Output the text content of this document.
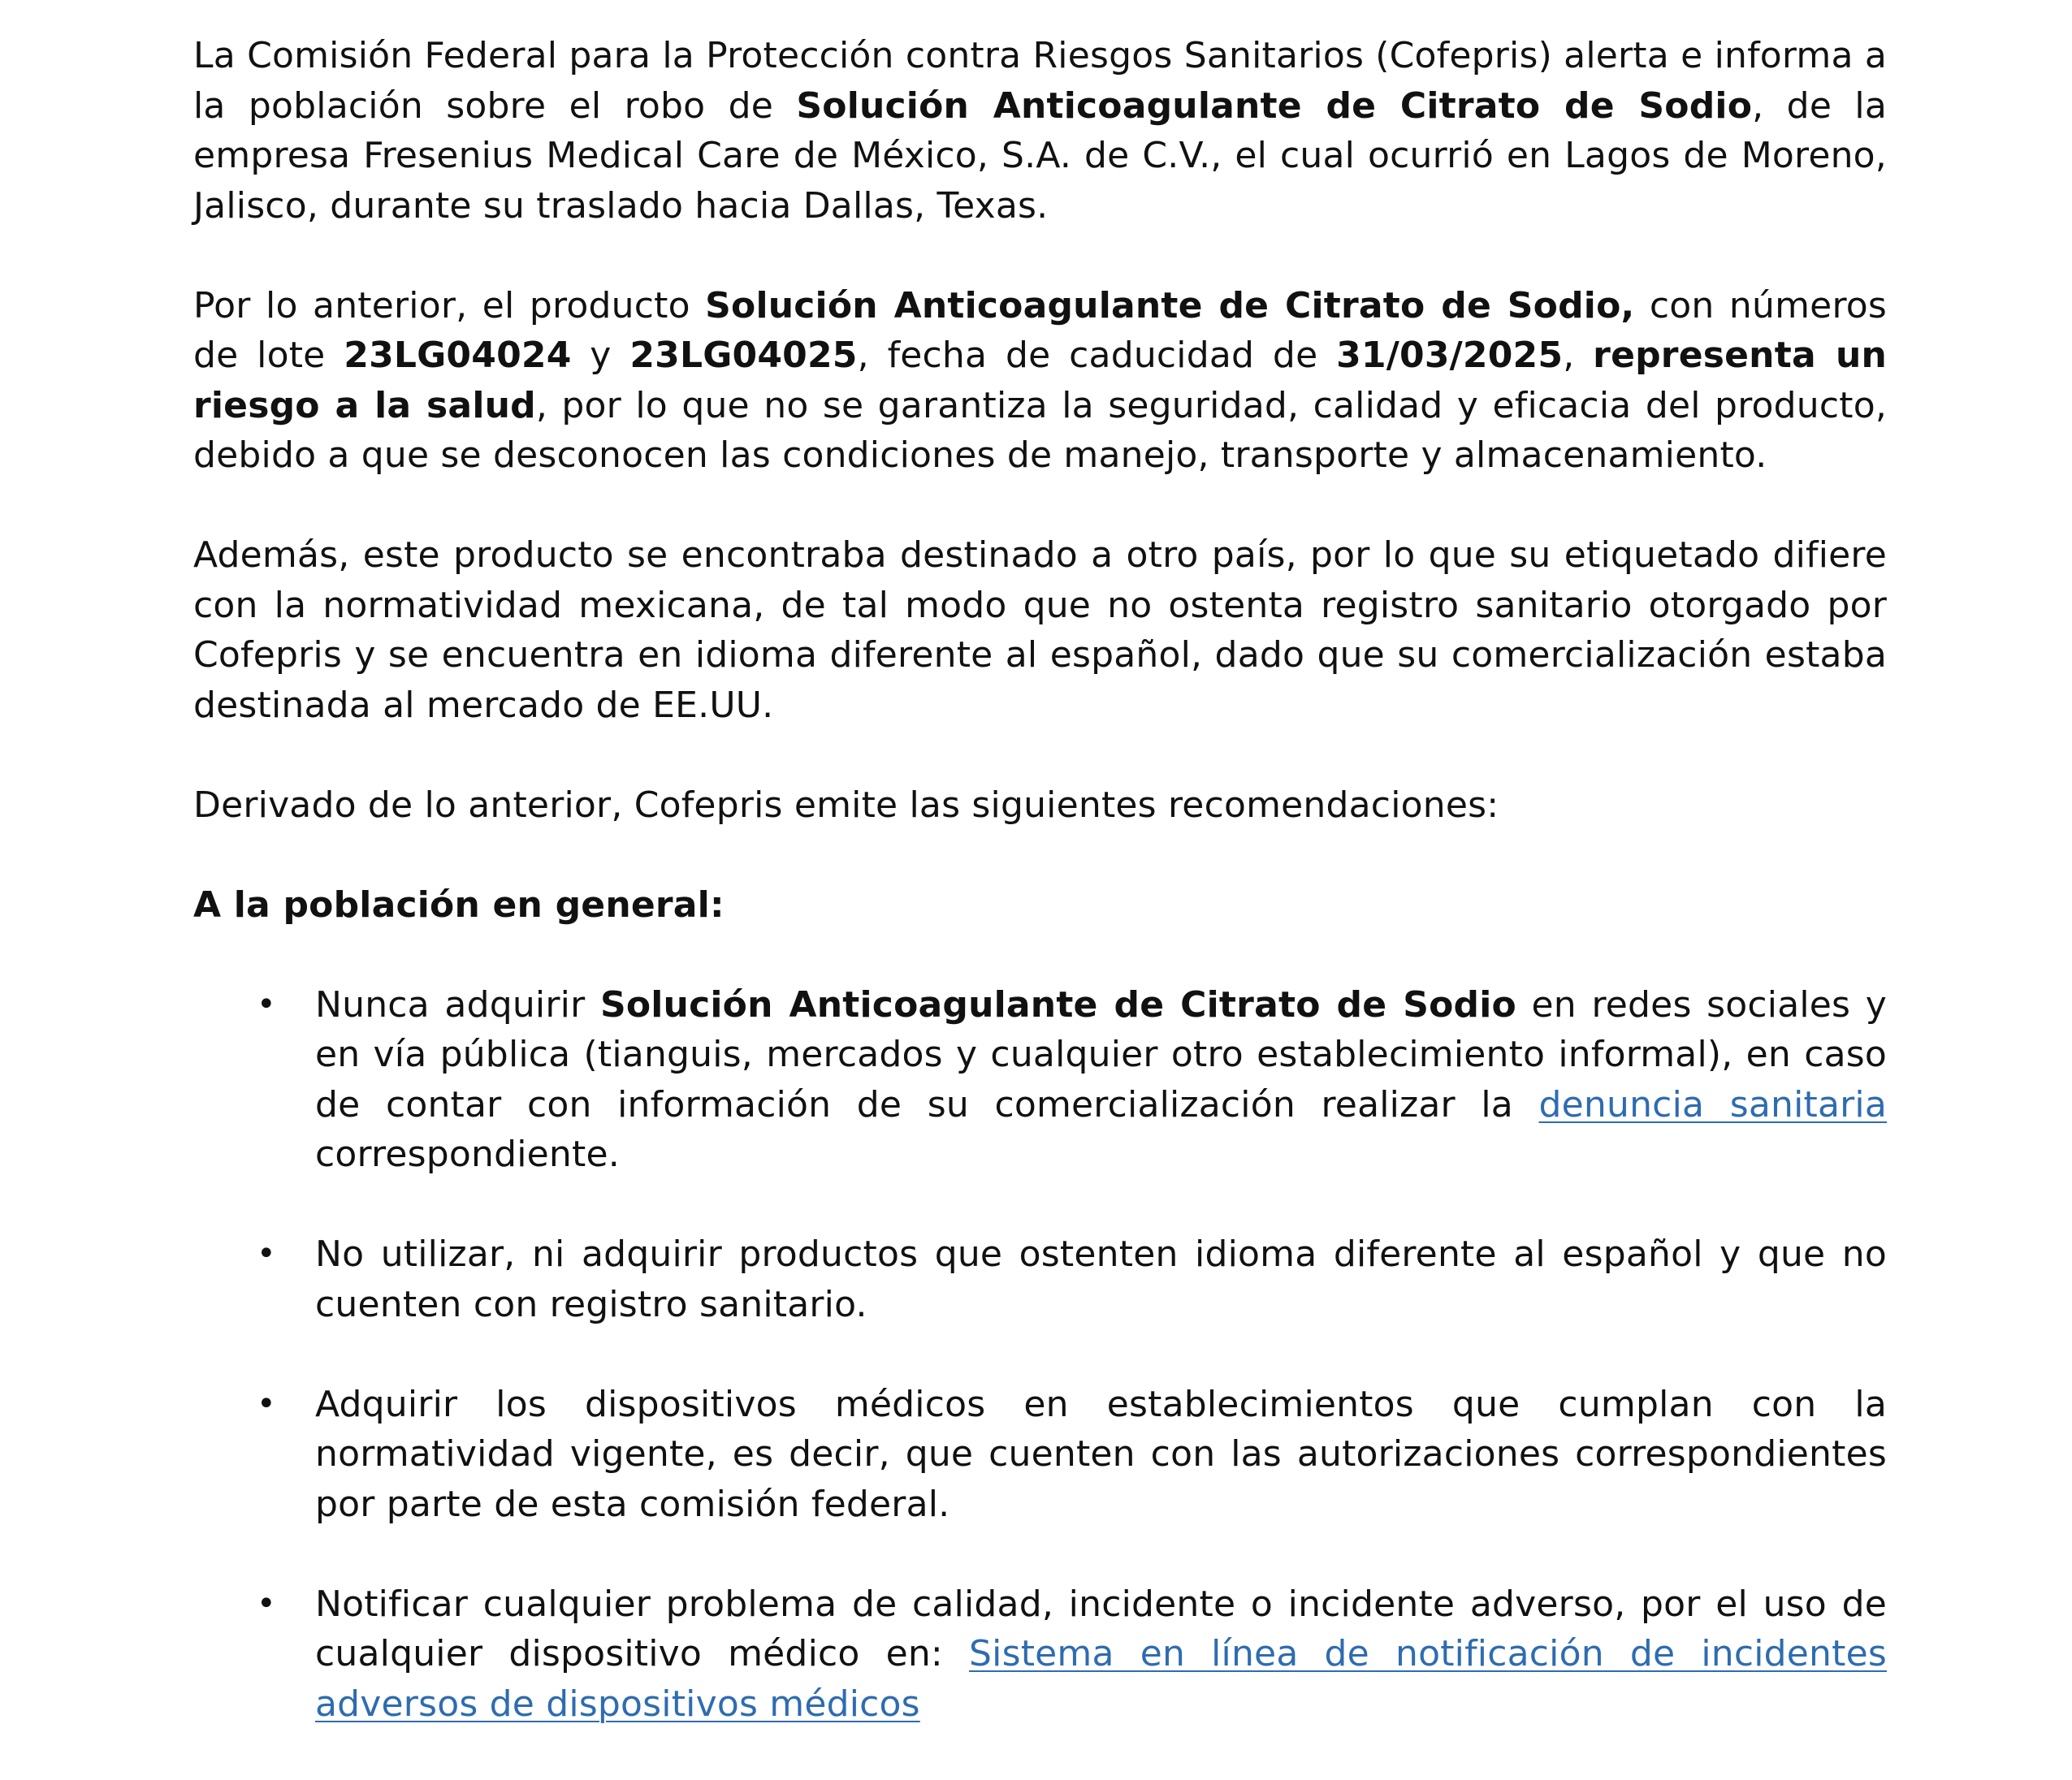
La Comisión Federal para la Protección contra Riesgos Sanitarios (Cofepris) alerta e informa a la población sobre el robo de Solución Anticoagulante de Citrato de Sodio, de la empresa Fresenius Medical Care de México, S.A. de C.V., el cual ocurrió en Lagos de Moreno, Jalisco, durante su traslado hacia Dallas, Texas.

Por lo anterior, el producto Solución Anticoagulante de Citrato de Sodio, con números de lote 23LG04024 y 23LG04025, fecha de caducidad de 31/03/2025, representa un riesgo a la salud, por lo que no se garantiza la seguridad, calidad y eficacia del producto, debido a que se desconocen las condiciones de manejo, transporte y almacenamiento.

Además, este producto se encontraba destinado a otro país, por lo que su etiquetado difiere con la normatividad mexicana, de tal modo que no ostenta registro sanitario otorgado por Cofepris y se encuentra en idioma diferente al español, dado que su comercialización estaba destinada al mercado de EE.UU.

Derivado de lo anterior, Cofepris emite las siguientes recomendaciones:

A la población en general:

• Nunca adquirir Solución Anticoagulante de Citrato de Sodio en redes sociales y en vía pública (tianguis, mercados y cualquier otro establecimiento informal), en caso de contar con información de su comercialización realizar la denuncia sanitaria correspondiente.
• No utilizar, ni adquirir productos que ostenten idioma diferente al español y que no cuenten con registro sanitario.
• Adquirir los dispositivos médicos en establecimientos que cumplan con la normatividad vigente, es decir, que cuenten con las autorizaciones correspondientes por parte de esta comisión federal.
• Notificar cualquier problema de calidad, incidente o incidente adverso, por el uso de cualquier dispositivo médico en: Sistema en línea de notificación de incidentes adversos de dispositivos médicos
